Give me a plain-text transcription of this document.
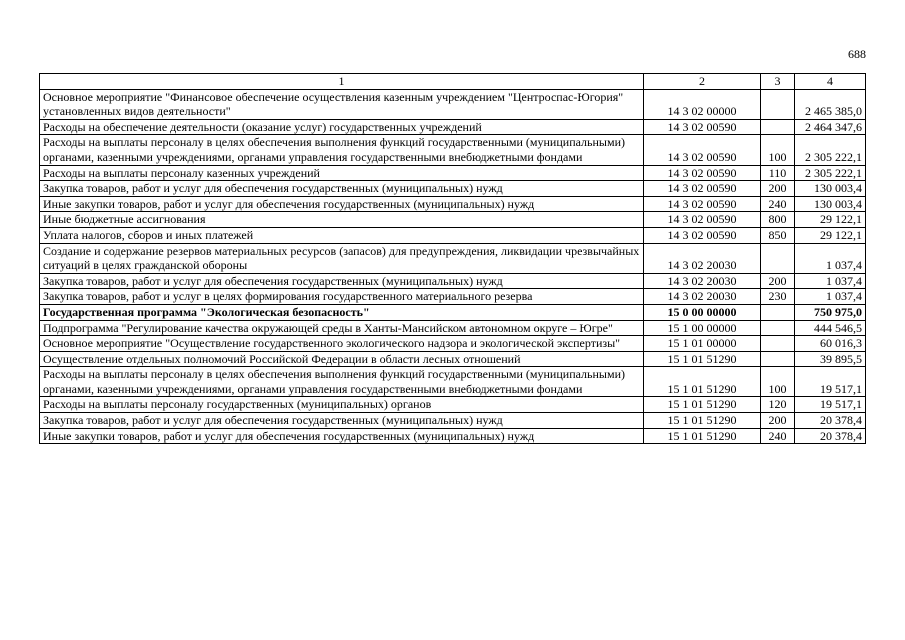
688
1	2	3	4
Основное мероприятие "Финансовое обеспечение осуществления казенным учреждением "Центроспас-Югория" установленных видов деятельности"	14 3 02 00000		2 465 385,0
Расходы на обеспечение деятельности (оказание услуг) государственных учреждений	14 3 02 00590		2 464 347,6
Расходы на выплаты персоналу в целях обеспечения выполнения функций государственными (муниципальными) органами, казенными учреждениями, органами управления государственными внебюджетными фондами	14 3 02 00590	100	2 305 222,1
Расходы на выплаты персоналу казенных учреждений	14 3 02 00590	110	2 305 222,1
Закупка товаров, работ и услуг для обеспечения государственных (муниципальных) нужд	14 3 02 00590	200	130 003,4
Иные закупки товаров, работ и услуг для обеспечения государственных (муниципальных) нужд	14 3 02 00590	240	130 003,4
Иные бюджетные ассигнования	14 3 02 00590	800	29 122,1
Уплата налогов, сборов и иных платежей	14 3 02 00590	850	29 122,1
Создание и содержание резервов материальных ресурсов (запасов) для предупреждения, ликвидации чрезвычайных ситуаций в целях гражданской обороны	14 3 02 20030		1 037,4
Закупка товаров, работ и услуг для обеспечения государственных (муниципальных) нужд	14 3 02 20030	200	1 037,4
Закупка товаров, работ и услуг в целях формирования государственного материального резерва	14 3 02 20030	230	1 037,4
Государственная программа "Экологическая безопасность"	15 0 00 00000		750 975,0
Подпрограмма "Регулирование качества окружающей среды в Ханты-Мансийском автономном округе – Югре"	15 1 00 00000		444 546,5
Основное мероприятие "Осуществление государственного экологического надзора и экологической экспертизы"	15 1 01 00000		60 016,3
Осуществление отдельных полномочий Российской Федерации в области лесных отношений	15 1 01 51290		39 895,5
Расходы на выплаты персоналу в целях обеспечения выполнения функций государственными (муниципальными) органами, казенными учреждениями, органами управления государственными внебюджетными фондами	15 1 01 51290	100	19 517,1
Расходы на выплаты персоналу государственных (муниципальных) органов	15 1 01 51290	120	19 517,1
Закупка товаров, работ и услуг для обеспечения государственных (муниципальных) нужд	15 1 01 51290	200	20 378,4
Иные закупки товаров, работ и услуг для обеспечения государственных (муниципальных) нужд	15 1 01 51290	240	20 378,4
